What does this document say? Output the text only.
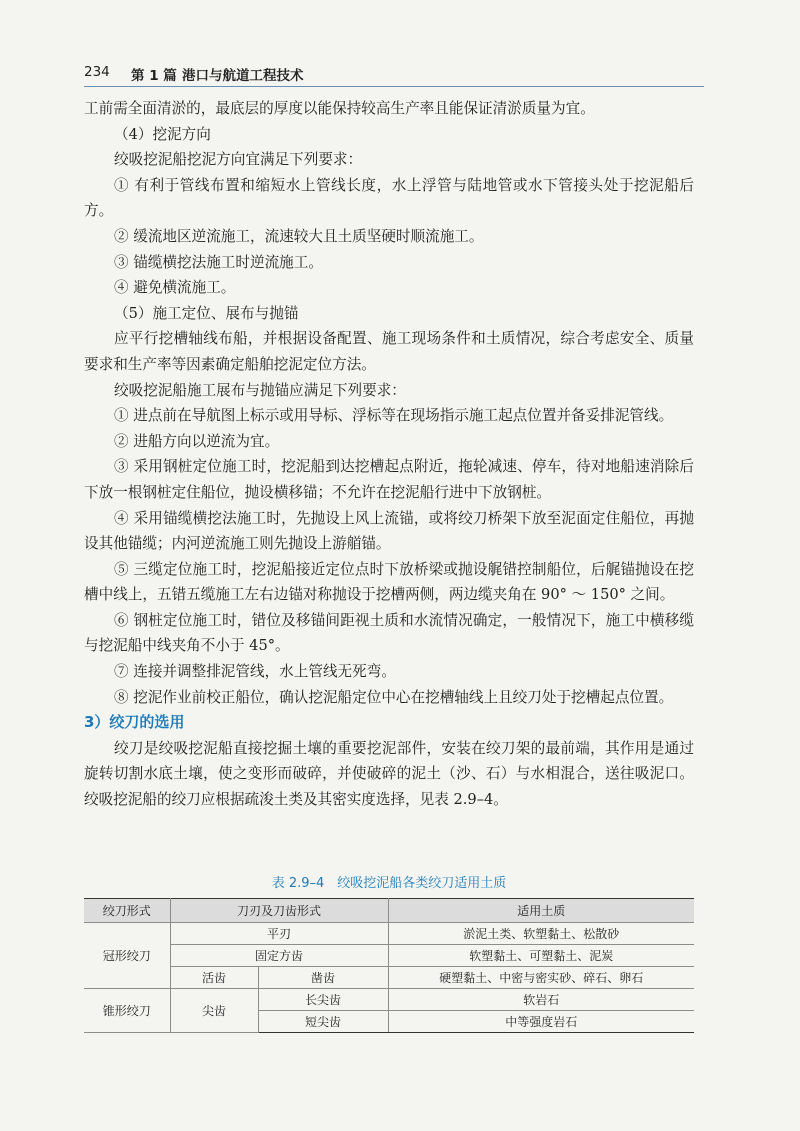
234 第 1 篇 港口与航道工程技术

工前需全面清淤的，最底层的厚度以能保持较高生产率且能保证清淤质量为宜。

（4）挖泥方向

绞吸挖泥船挖泥方向宜满足下列要求：

① 有利于管线布置和缩短水上管线长度，水上浮管与陆地管或水下管接头处于挖泥船后方。

② 缓流地区逆流施工，流速较大且土质坚硬时顺流施工。

③ 锚缆横挖法施工时逆流施工。

④ 避免横流施工。

（5）施工定位、展布与抛锚

应平行挖槽轴线布船，并根据设备配置、施工现场条件和土质情况，综合考虑安全、质量要求和生产率等因素确定船舶挖泥定位方法。

绞吸挖泥船施工展布与抛锚应满足下列要求：

① 进点前在导航图上标示或用导标、浮标等在现场指示施工起点位置并备妥排泥管线。

② 进船方向以逆流为宜。

③ 采用钢桩定位施工时，挖泥船到达挖槽起点附近，拖轮减速、停车，待对地船速消除后下放一根钢桩定住船位，抛设横移锚；不允许在挖泥船行进中下放钢桩。

④ 采用锚缆横挖法施工时，先抛设上风上流锚，或将绞刀桥架下放至泥面定住船位，再抛设其他锚缆；内河逆流施工则先抛设上游艏锚。

⑤ 三缆定位施工时，挖泥船接近定位点时下放桥梁或抛设艉错控制船位，后艉锚抛设在挖槽中线上，五错五缆施工左右边锚对称抛设于挖槽两侧，两边缆夹角在 90° ～ 150° 之间。

⑥ 钢桩定位施工时，错位及移锚间距视土质和水流情况确定，一般情况下，施工中横移缆与挖泥船中线夹角不小于 45°。

⑦ 连接并调整排泥管线，水上管线无死弯。

⑧ 挖泥作业前校正船位，确认挖泥船定位中心在挖槽轴线上且绞刀处于挖槽起点位置。

3）绞刀的选用

绞刀是绞吸挖泥船直接挖掘土壤的重要挖泥部件，安装在绞刀架的最前端，其作用是通过旋转切割水底土壤，使之变形而破碎，并使破碎的泥土（沙、石）与水相混合，送往吸泥口。绞吸挖泥船的绞刀应根据疏浚土类及其密实度选择，见表 2.9–4。

表 2.9–4　绞吸挖泥船各类绞刀适用土质
绞刀形式	刀刃及刀齿形式		适用土质
冠形绞刀	平刃		淤泥土类、软塑黏土、松散砂
	固定方齿		软塑黏土、可塑黏土、泥炭
	活齿	凿齿	硬塑黏土、中密与密实砂、碎石、卵石
锥形绞刀	尖齿	长尖齿	软岩石
		短尖齿	中等强度岩石
